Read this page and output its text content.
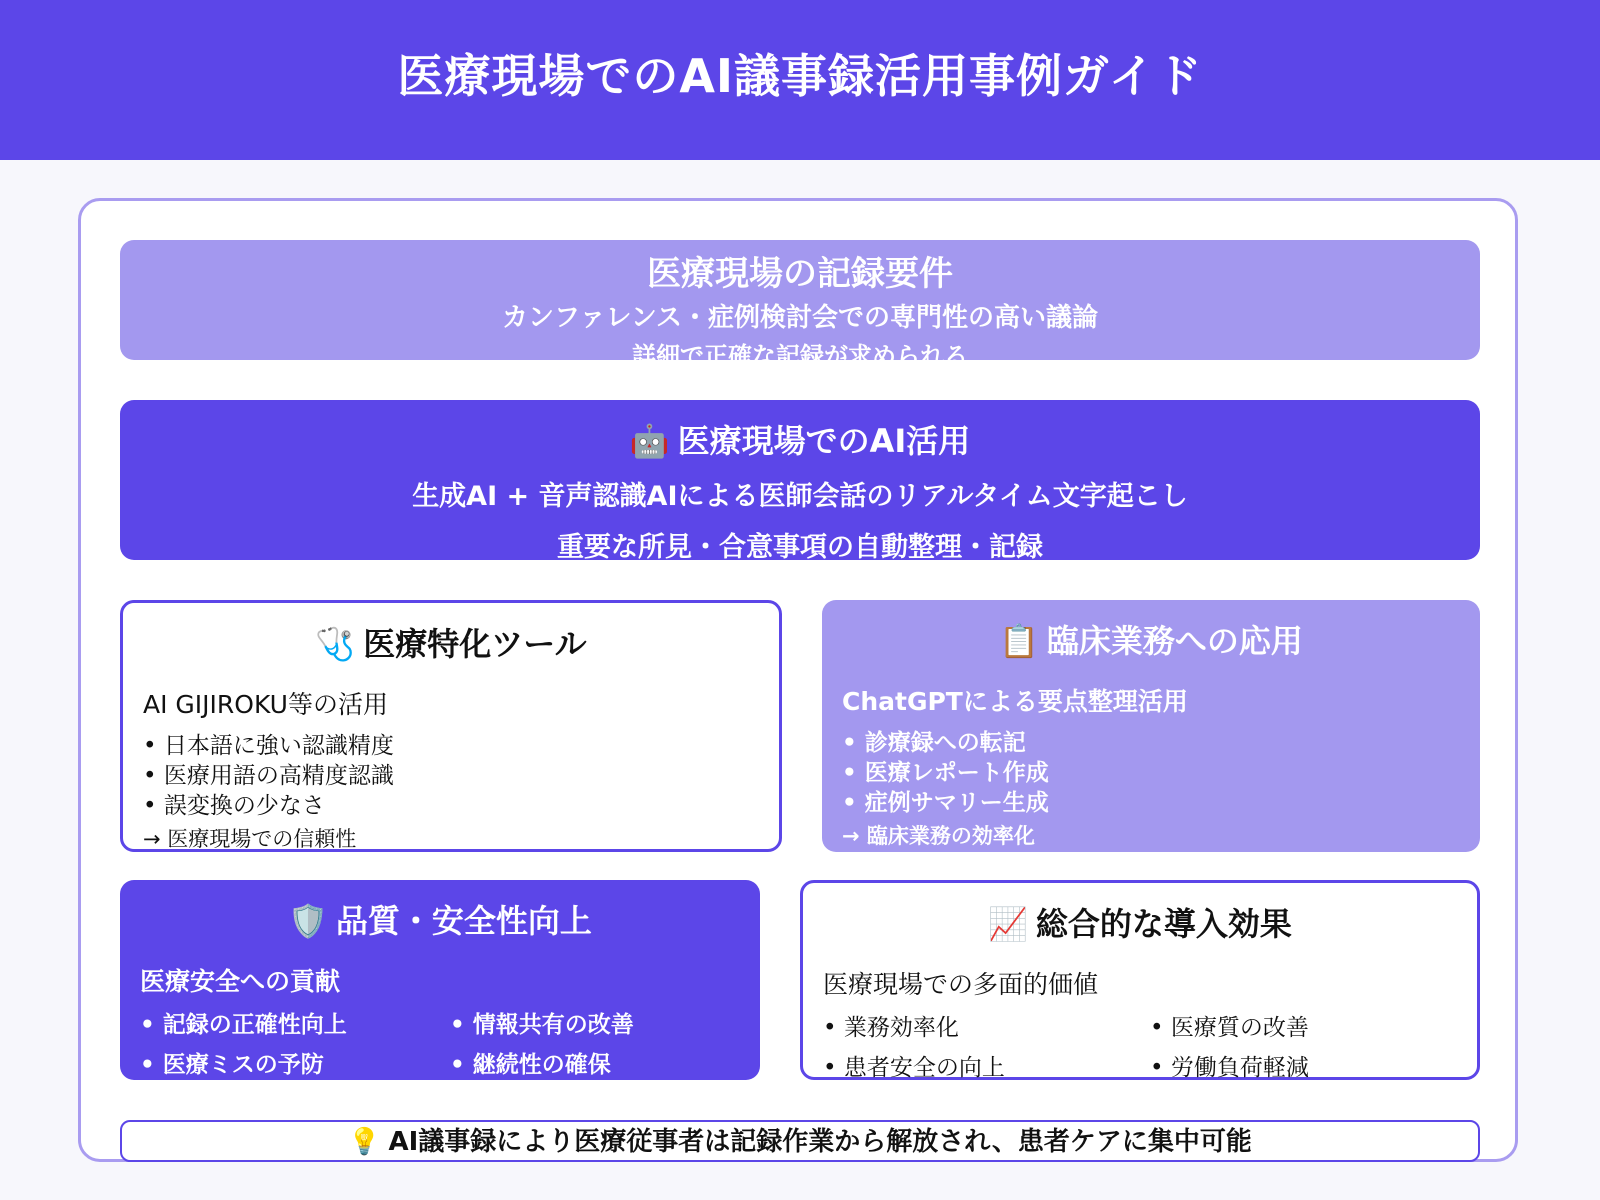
医療現場でのAI議事録活用事例ガイド
医療現場の記録要件
カンファレンス・症例検討会での専門性の高い議論
詳細で正確な記録が求められる
🤖 医療現場でのAI活用
生成AI + 音声認識AIによる医師会話のリアルタイム文字起こし
重要な所見・合意事項の自動整理・記録
🩺 医療特化ツール
AI GIJIROKU等の活用
• 日本語に強い認識精度
• 医療用語の高精度認識
• 誤変換の少なさ
→ 医療現場での信頼性
📋 臨床業務への応用
ChatGPTによる要点整理活用
• 診療録への転記
• 医療レポート作成
• 症例サマリー生成
→ 臨床業務の効率化
🛡️ 品質・安全性向上
医療安全への貢献
• 記録の正確性向上	• 情報共有の改善
• 医療ミスの予防	• 継続性の確保
📈 総合的な導入効果
医療現場での多面的価値
• 業務効率化	• 医療質の改善
• 患者安全の向上	• 労働負荷軽減
💡 AI議事録により医療従事者は記録作業から解放され、患者ケアに集中可能
